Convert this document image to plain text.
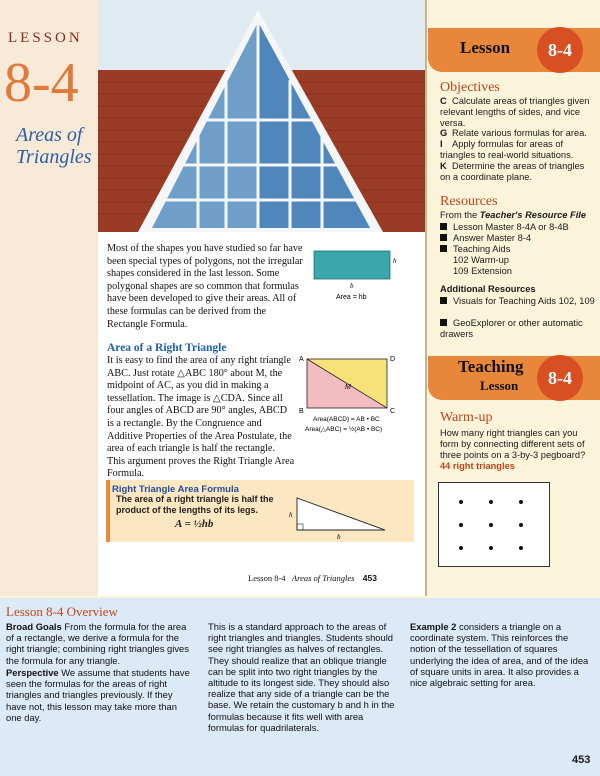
LESSON
8-4
Areas of Triangles
Most of the shapes you have studied so far have been special types of polygons, not the irregular shapes considered in the last lesson. Some polygonal shapes are so common that formulas have been developed to give their areas. All of these formulas can be derived from the Rectangle Formula.
h
b
Area = hb
Area of a Right Triangle
It is easy to find the area of any right triangle ABC. Just rotate △ABC 180° about M, the midpoint of AC, as you did in making a tessellation. The image is △CDA. Since all four angles of ABCD are 90° angles, ABCD is a rectangle. By the Congruence and Additive Properties of the Area Postulate, the area of each triangle is half the rectangle. This argument proves the Right Triangle Area Formula.
A	D
B	C
M
Area(ABCD) = AB • BC
Area(△ABC) = ½(AB • BC)
Right Triangle Area Formula
The area of a right triangle is half the product of the lengths of its legs.
A = ½hb
h
b
Lesson 8-4 Areas of Triangles 453
Lesson	8-4
Objectives
C Calculate areas of triangles given relevant lengths of sides, and vice versa.
G Relate various formulas for area.
I Apply formulas for areas of triangles to real-world situations.
K Determine the areas of triangles on a coordinate plane.
Resources
From the Teacher's Resource File
Lesson Master 8-4A or 8-4B
Answer Master 8-4
Teaching Aids
102 Warm-up
109 Extension
Additional Resources
Visuals for Teaching Aids 102, 109
GeoExplorer or other automatic drawers
Teaching
Lesson	8-4
Warm-up
How many right triangles can you form by connecting different sets of three points on a 3-by-3 pegboard?
44 right triangles
Lesson 8-4 Overview
Broad Goals From the formula for the area of a rectangle, we derive a formula for the right triangle; combining right triangles gives the formula for any triangle.
Perspective We assume that students have seen the formulas for the areas of right triangles and triangles previously. If they have not, this lesson may take more than one day.
This is a standard approach to the areas of right triangles and triangles. Students should see right triangles as halves of rectangles. They should realize that an oblique triangle can be split into two right triangles by the altitude to its longest side. They should also realize that any side of a triangle can be the base. We retain the customary b and h in the formulas because it fits well with area formulas for quadrilaterals.
Example 2 considers a triangle on a coordinate system. This reinforces the notion of the tessellation of squares underlying the idea of area, and of the idea of square units in area. It also provides a nice algebraic setting for area.
453
